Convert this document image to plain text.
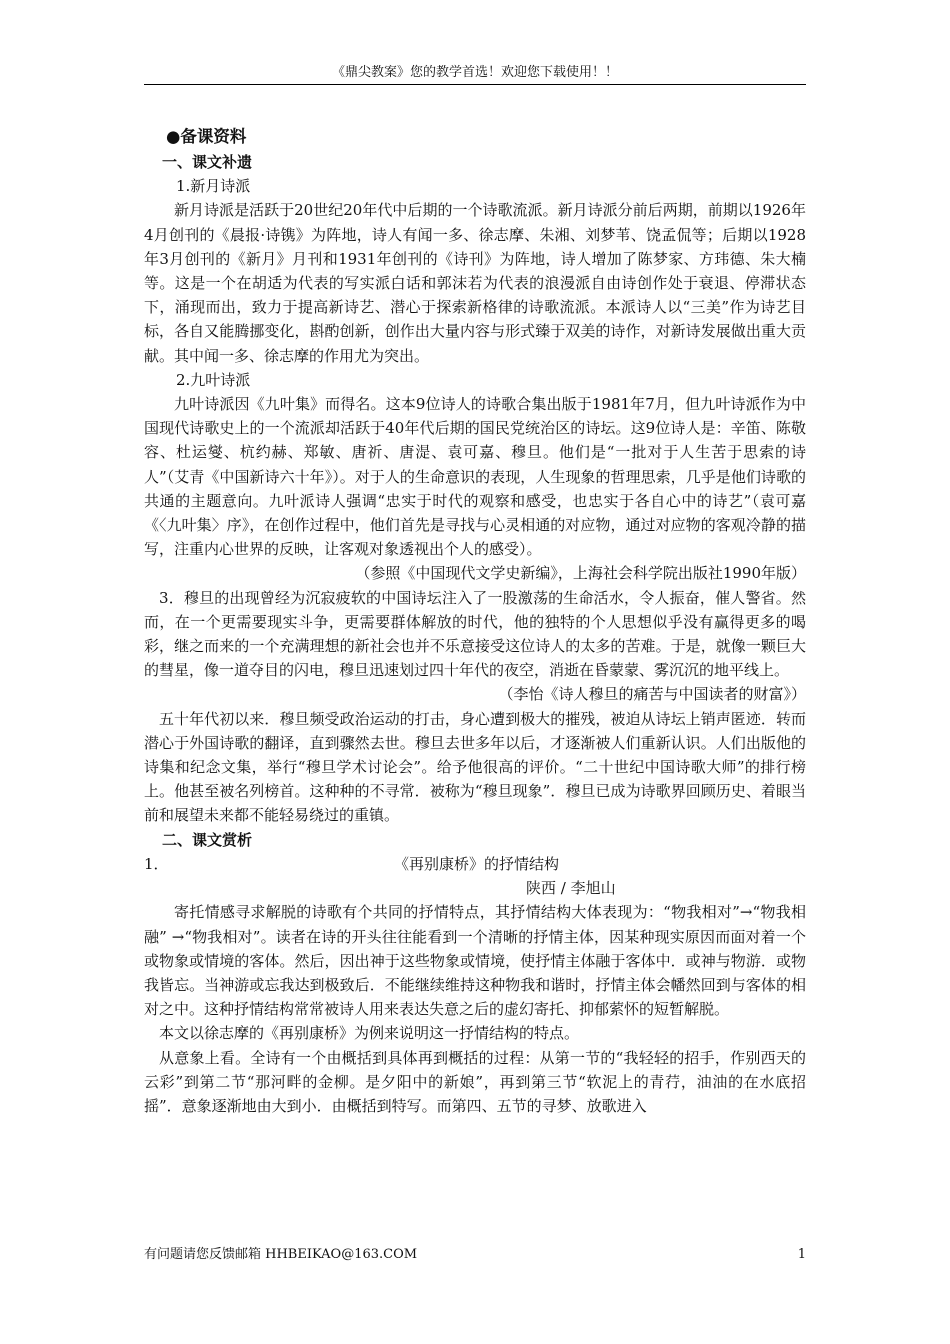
《鼎尖教案》您的教学首选！欢迎您下载使用！！

●备课资料

一、课文补遗

1.新月诗派

新月诗派是活跃于20世纪20年代中后期的一个诗歌流派。新月诗派分前后两期，前期以1926年4月创刊的《晨报·诗镌》为阵地，诗人有闻一多、徐志摩、朱湘、刘梦苇、饶孟侃等；后期以1928年3月创刊的《新月》月刊和1931年创刊的《诗刊》为阵地，诗人增加了陈梦家、方玮德、朱大楠等。这是一个在胡适为代表的写实派白话和郭沫若为代表的浪漫派自由诗创作处于衰退、停滞状态下，涌现而出，致力于提高新诗艺、潜心于探索新格律的诗歌流派。本派诗人以“三美”作为诗艺目标，各自又能腾挪变化，斟酌创新，创作出大量内容与形式臻于双美的诗作，对新诗发展做出重大贡献。其中闻一多、徐志摩的作用尤为突出。

2.九叶诗派

九叶诗派因《九叶集》而得名。这本9位诗人的诗歌合集出版于1981年7月，但九叶诗派作为中国现代诗歌史上的一个流派却活跃于40年代后期的国民党统治区的诗坛。这9位诗人是：辛笛、陈敬容、杜运燮、杭约赫、郑敏、唐祈、唐湜、袁可嘉、穆旦。他们是“一批对于人生苦于思索的诗人”（艾青《中国新诗六十年》）。对于人的生命意识的表现，人生现象的哲理思索，几乎是他们诗歌的共通的主题意向。九叶派诗人强调“忠实于时代的观察和感受，也忠实于各自心中的诗艺”（袁可嘉《〈九叶集〉序》，在创作过程中，他们首先是寻找与心灵相通的对应物，通过对应物的客观冷静的描写，注重内心世界的反映，让客观对象透视出个人的感受）。

（参照《中国现代文学史新编》，上海社会科学院出版社1990年版）

3．穆旦的出现曾经为沉寂疲软的中国诗坛注入了一股激荡的生命活水，令人振奋，催人警省。然而，在一个更需要现实斗争，更需要群体解放的时代，他的独特的个人思想似乎没有赢得更多的喝彩，继之而来的一个充满理想的新社会也并不乐意接受这位诗人的太多的苦难。于是，就像一颗巨大的彗星，像一道夺目的闪电，穆旦迅速划过四十年代的夜空，消逝在昏蒙蒙、雾沉沉的地平线上。

（李怡《诗人穆旦的痛苦与中国读者的财富》）

五十年代初以来．穆旦频受政治运动的打击，身心遭到极大的摧残，被迫从诗坛上销声匿迹．转而潜心于外国诗歌的翻译，直到骤然去世。穆旦去世多年以后，才逐渐被人们重新认识。人们出版他的诗集和纪念文集，举行“穆旦学术讨论会”。给予他很高的评价。“二十世纪中国诗歌大师”的排行榜上。他甚至被名列榜首。这种种的不寻常．被称为“穆旦现象”．穆旦已成为诗歌界回顾历史、着眼当前和展望未来都不能轻易绕过的重镇。

二、课文赏析

1．	《再别康桥》的抒情结构

陕西 / 李旭山

寄托情感寻求解脱的诗歌有个共同的抒情特点，其抒情结构大体表现为：“物我相对”→“物我相融” →“物我相对”。读者在诗的开头往往能看到一个清晰的抒情主体，因某种现实原因而面对着一个或物象或情境的客体。然后，因出神于这些物象或情境，使抒情主体融于客体中．或神与物游．或物我皆忘。当神游或忘我达到极致后．不能继续维持这种物我和谐时，抒情主体会幡然回到与客体的相对之中。这种抒情结构常常被诗人用来表达失意之后的虚幻寄托、抑郁萦怀的短暂解脱。

本文以徐志摩的《再别康桥》为例来说明这一抒情结构的特点。

从意象上看。全诗有一个由概括到具体再到概括的过程：从第一节的“我轻轻的招手，作别西天的云彩”到第二节“那河畔的金柳。是夕阳中的新娘”，再到第三节“软泥上的青荇，油油的在水底招摇”．意象逐渐地由大到小．由概括到特写。而第四、五节的寻梦、放歌进入

有问题请您反馈邮箱 HHBEIKAO@163.COM	1
